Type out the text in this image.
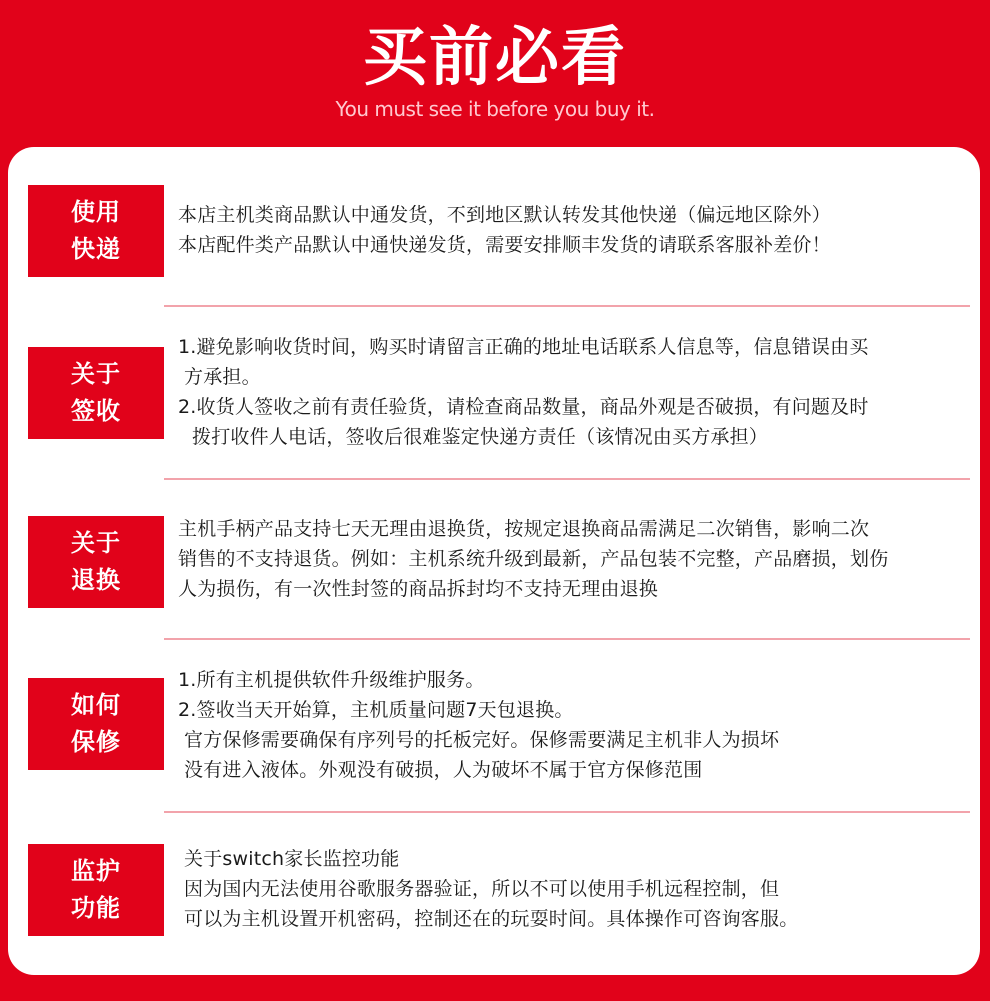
买前必看
You must see it before you buy it.
使用
快递
本店主机类商品默认中通发货，不到地区默认转发其他快递（偏远地区除外）
本店配件类产品默认中通快递发货，需要安排顺丰发货的请联系客服补差价！
关于
签收
1.避免影响收货时间，购买时请留言正确的地址电话联系人信息等，信息错误由买
方承担。
2.收货人签收之前有责任验货，请检查商品数量，商品外观是否破损，有问题及时
拨打收件人电话，签收后很难鉴定快递方责任（该情况由买方承担）
关于
退换
主机手柄产品支持七天无理由退换货，按规定退换商品需满足二次销售，影响二次
销售的不支持退货。例如：主机系统升级到最新，产品包装不完整，产品磨损，划伤
人为损伤，有一次性封签的商品拆封均不支持无理由退换
如何
保修
1.所有主机提供软件升级维护服务。
2.签收当天开始算，主机质量问题7天包退换。
官方保修需要确保有序列号的托板完好。保修需要满足主机非人为损坏
没有进入液体。外观没有破损，人为破坏不属于官方保修范围
监护
功能
关于switch家长监控功能
因为国内无法使用谷歌服务器验证，所以不可以使用手机远程控制，但
可以为主机设置开机密码，控制还在的玩耍时间。具体操作可咨询客服。
